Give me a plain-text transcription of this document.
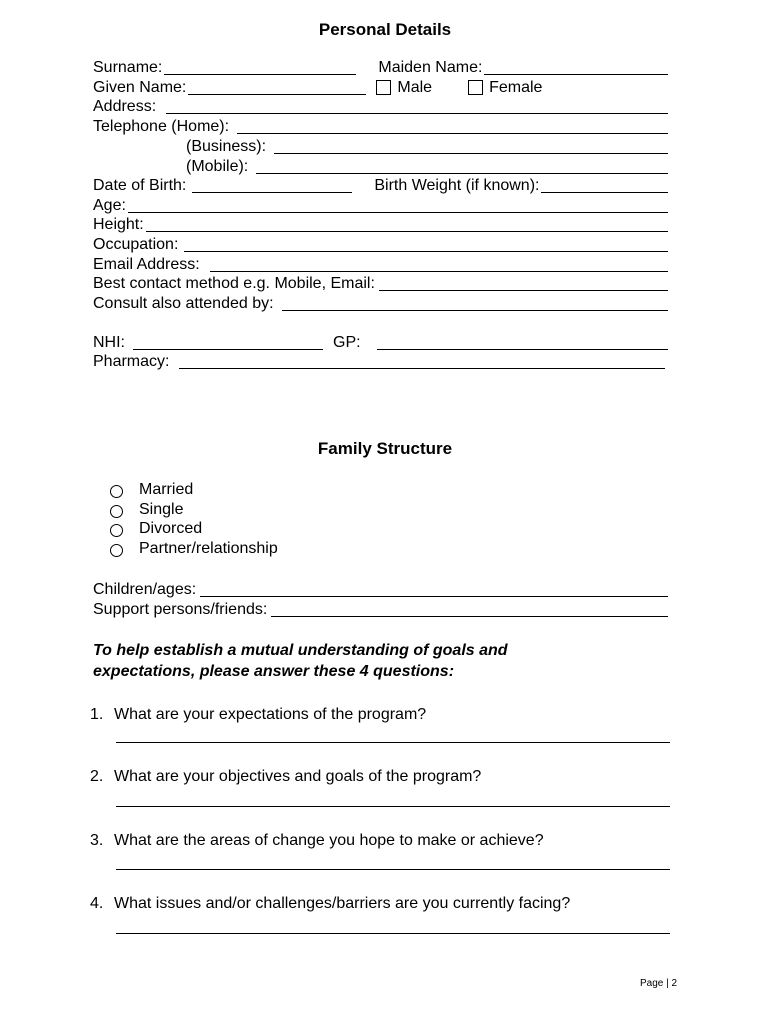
Personal Details
Surname:	Maiden Name:
Given Name:	Male	Female
Address:
Telephone (Home):
(Business):
(Mobile):
Date of Birth:	Birth Weight (if known):
Age:
Height:
Occupation:
Email Address:
Best contact method e.g. Mobile, Email:
Consult also attended by:
NHI:	GP:
Pharmacy:
Family Structure
Married
Single
Divorced
Partner/relationship
Children/ages:
Support persons/friends:

To help establish a mutual understanding of goals and

expectations, please answer these 4 questions:

1. What are your expectations of the program?
2. What are your objectives and goals of the program?
3. What are the areas of change you hope to make or achieve?
4. What issues and/or challenges/barriers are you currently facing?
Page | 2
